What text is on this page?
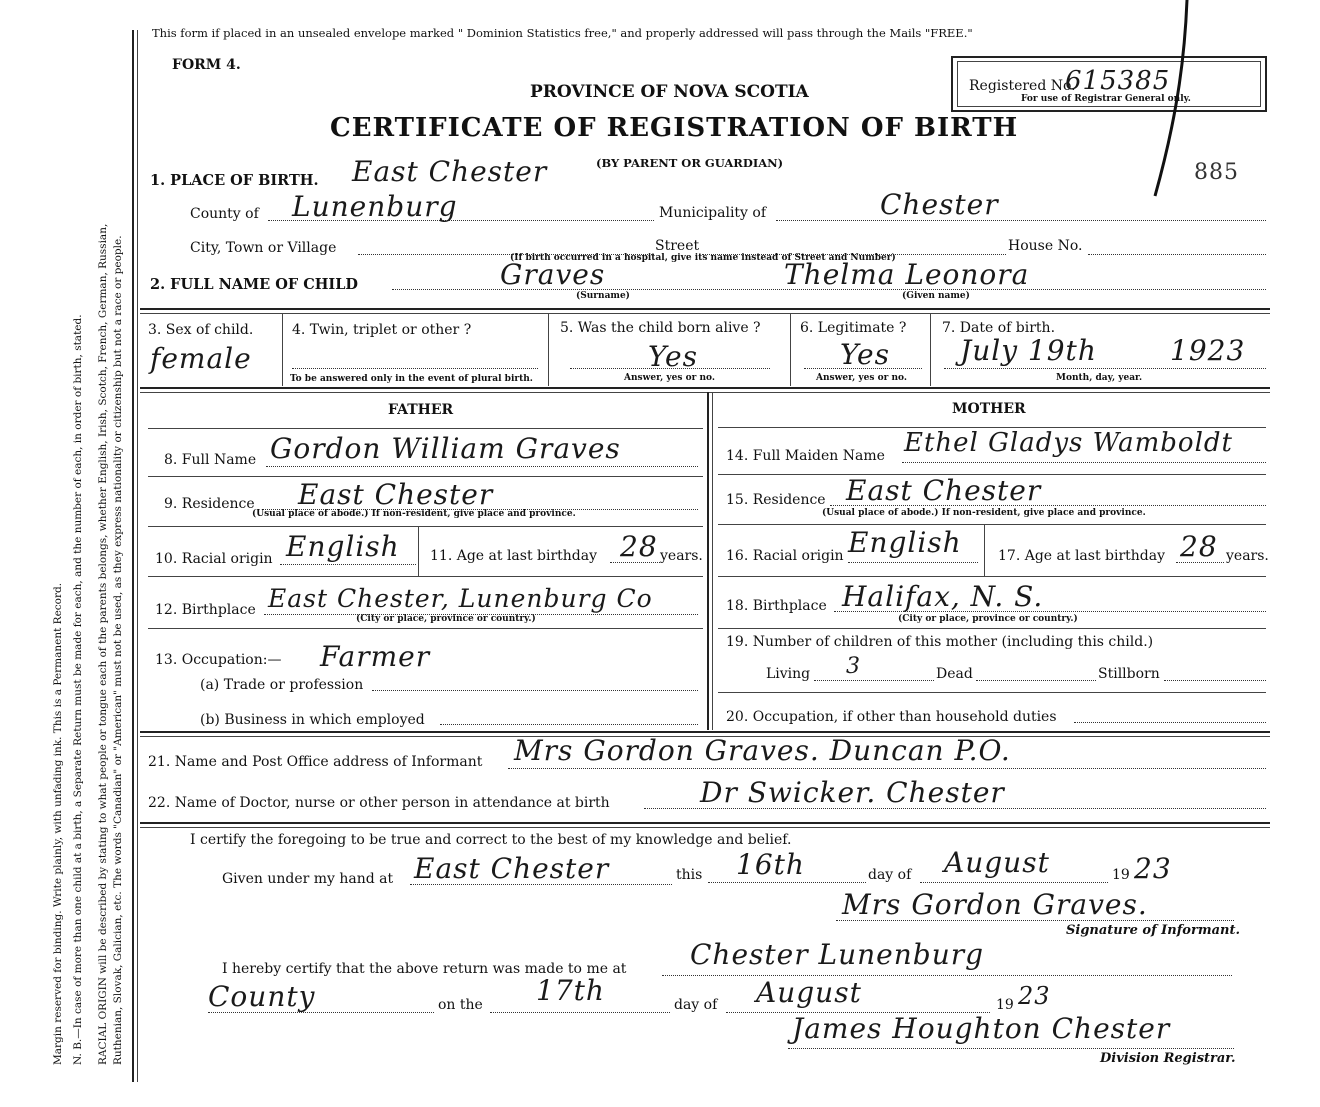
Margin reserved for binding. Write plainly, with unfading ink. This is a Permanent Record. N. B.—In case of more than one child at a birth, a Separate Return must be made for each, and the number of each, in order of birth, stated. RACIAL ORIGIN will be described by stating to what people or tongue each of the parents belongs, whether English, Irish, Scotch, French, German, Russian, Ruthenian, Slovak, Galician, etc. The words "Canadian" or "American" must not be used, as they express nationality or citizenship but not a race or people.
This form if placed in an unsealed envelope marked " Dominion Statistics free," and properly addressed will pass through the Mails "FREE."
FORM 4.
PROVINCE OF NOVA SCOTIA
CERTIFICATE OF REGISTRATION OF BIRTH
(BY PARENT OR GUARDIAN)
Registered No.
615385
For use of Registrar General only.
885
1. PLACE OF BIRTH. East Chester
County of Lunenburg	Municipality of	Chester
City, Town or Village	Street	House No.
(If birth occurred in a hospital, give its name instead of Street and Number)
2. FULL NAME OF CHILD	Graves
(Surname)
Thelma Leonora
(Given name)
3. Sex of child.
female
4. Twin, triplet or other ?
To be answered only in the event of plural birth.
5. Was the child born alive ?
Yes
Answer, yes or no.
6. Legitimate ?
Yes
Answer, yes or no.
7. Date of birth.
July 19th	1923
Month, day, year.
FATHER	MOTHER
8. Full Name Gordon William Graves
9. Residence East Chester
(Usual place of abode.) If non-resident, give place and province.
10. Racial origin English 11. Age at last birthday 28 years.
12. Birthplace East Chester, Lunenburg Co
(City or place, province or country.)
13. Occupation:— Farmer
(a) Trade or profession
(b) Business in which employed
14. Full Maiden Name Ethel Gladys Wamboldt
15. Residence East Chester
(Usual place of abode.) If non-resident, give place and province.
16. Racial origin English	17. Age at last birthday 28 years.
18. Birthplace Halifax, N. S.
(City or place, province or country.)
19. Number of children of this mother (including this child.)
Living 3	Dead	Stillborn
20. Occupation, if other than household duties
21. Name and Post Office address of Informant Mrs Gordon Graves. Duncan P.O.
22. Name of Doctor, nurse or other person in attendance at birth	Dr Swicker. Chester
I certify the foregoing to be true and correct to the best of my knowledge and belief.
Given under my hand at East Chester	this 16th	day of August	19 23
Mrs Gordon Graves.
Signature of Informant.
I hereby certify that the above return was made to me at Chester Lunenburg
County	on the 17th	day of August	19 23
James Houghton Chester
Division Registrar.
